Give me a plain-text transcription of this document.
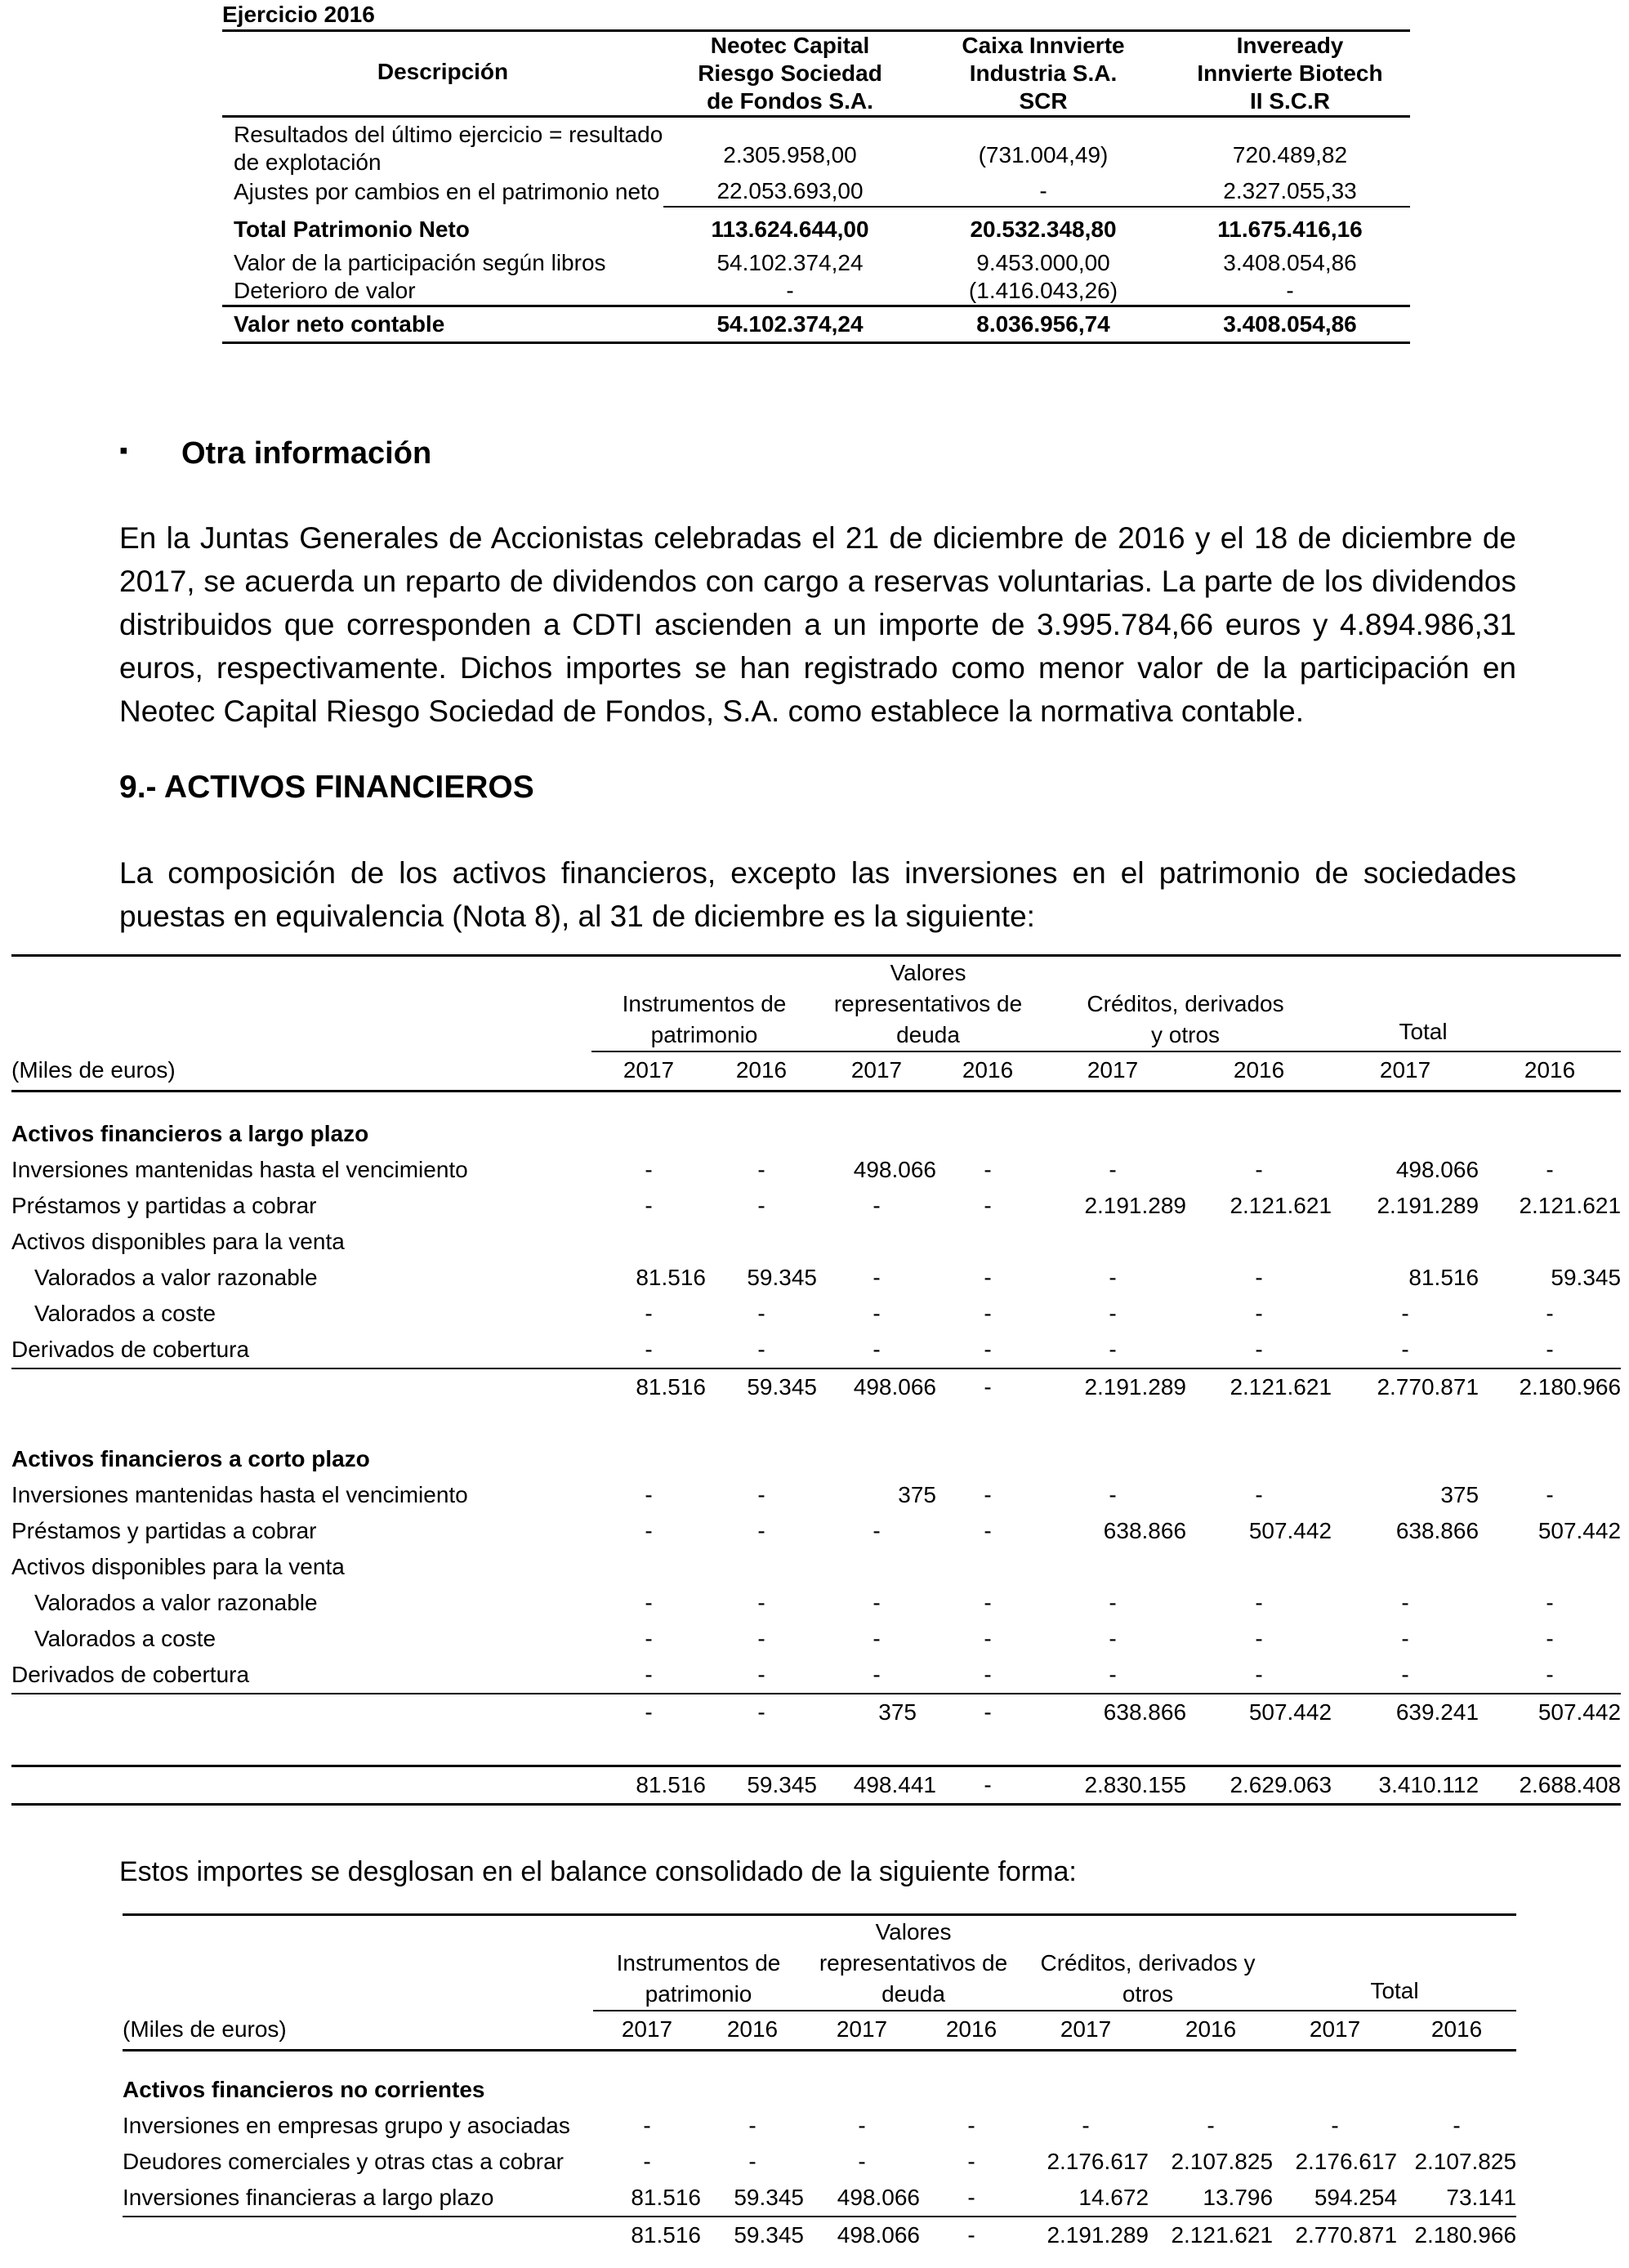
Ejercicio 2016			
Descripción	Neotec Capital Riesgo Sociedad de Fondos S.A.	Caixa Innvierte Industria S.A. SCR	Inveready Innvierte Biotech II S.C.R
Resultados del último ejercicio = resultado de explotación	2.305.958,00	(731.004,49)	720.489,82
Ajustes por cambios en el patrimonio neto	22.053.693,00	-	2.327.055,33
Total Patrimonio Neto	113.624.644,00	20.532.348,80	11.675.416,16
Valor de la participación según libros	54.102.374,24	9.453.000,00	3.408.054,86
Deterioro de valor	-	(1.416.043,26)	-
Valor neto contable	54.102.374,24	8.036.956,74	3.408.054,86
▪ Otra información
En la Juntas Generales de Accionistas celebradas el 21 de diciembre de 2016 y el 18 de diciembre de 2017, se acuerda un reparto de dividendos con cargo a reservas voluntarias. La parte de los dividendos distribuidos que corresponden a CDTI ascienden a un importe de 3.995.784,66 euros y 4.894.986,31 euros, respectivamente. Dichos importes se han registrado como menor valor de la participación en Neotec Capital Riesgo Sociedad de Fondos, S.A. como establece la normativa contable.
9.- ACTIVOS FINANCIEROS
La composición de los activos financieros, excepto las inversiones en el patrimonio de sociedades puestas en equivalencia (Nota 8), al 31 de diciembre es la siguiente:
	Instrumentos de patrimonio		Valores representativos de deuda		Créditos, derivados y otros		Total	
(Miles de euros)	2017	2016	2017	2016	2017	2016	2017	2016

Activos financieros a largo plazo								
Inversiones mantenidas hasta el vencimiento	-	-	498.066	-	-	-	498.066	-
Préstamos y partidas a cobrar	-	-	-	-	2.191.289	2.121.621	2.191.289	2.121.621
Activos disponibles para la venta								
Valorados a valor razonable	81.516	59.345	-	-	-	-	81.516	59.345
Valorados a coste	-	-	-	-	-	-	-	-
Derivados de cobertura	-	-	-	-	-	-	-	-
	81.516	59.345	498.066	-	2.191.289	2.121.621	2.770.871	2.180.966

Activos financieros a corto plazo								
Inversiones mantenidas hasta el vencimiento	-	-	375	-	-	-	375	-
Préstamos y partidas a cobrar	-	-	-	-	638.866	507.442	638.866	507.442
Activos disponibles para la venta								
Valorados a valor razonable	-	-	-	-	-	-	-	-
Valorados a coste	-	-	-	-	-	-	-	-
Derivados de cobertura	-	-	-	-	-	-	-	-
	-	-	375	-	638.866	507.442	639.241	507.442

	81.516	59.345	498.441	-	2.830.155	2.629.063	3.410.112	2.688.408
Estos importes se desglosan en el balance consolidado de la siguiente forma:
	Instrumentos de patrimonio		Valores representativos de deuda		Créditos, derivados y otros		Total	
(Miles de euros)	2017	2016	2017	2016	2017	2016	2017	2016

Activos financieros no corrientes								
Inversiones en empresas grupo y asociadas	-	-	-	-	-	-	-	-
Deudores comerciales y otras ctas a cobrar	-	-	-	-	2.176.617	2.107.825	2.176.617	2.107.825
Inversiones financieras a largo plazo	81.516	59.345	498.066	-	14.672	13.796	594.254	73.141
	81.516	59.345	498.066	-	2.191.289	2.121.621	2.770.871	2.180.966
